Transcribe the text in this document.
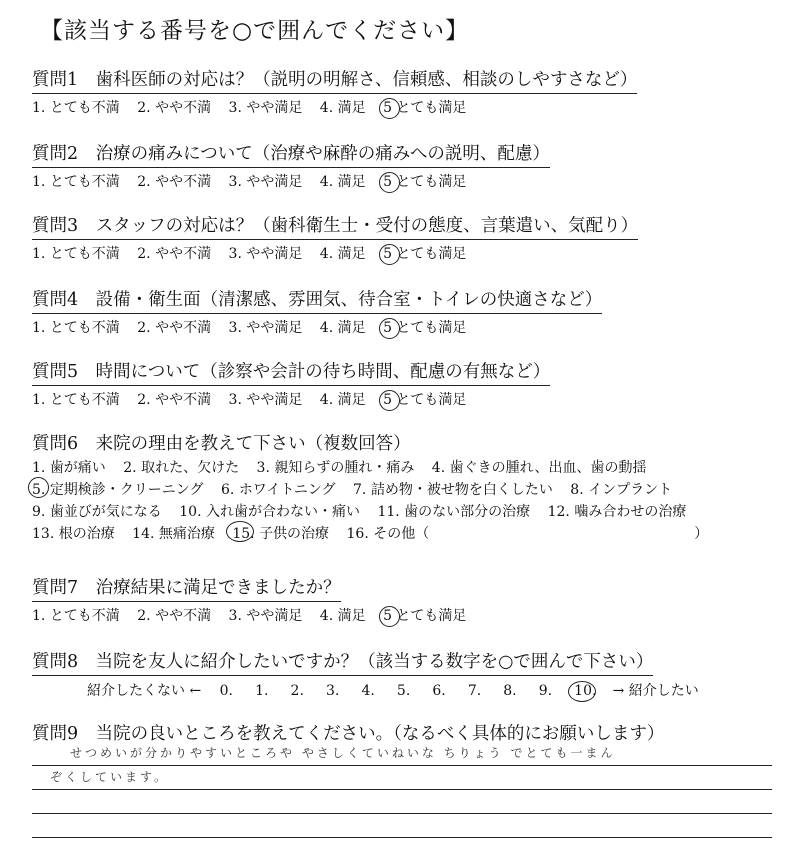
【該当する番号を○で囲んでください】
質問1　歯科医師の対応は？（説明の明解さ、信頼感、相談のしやすさなど）
1. とても不満 2. やや不満 3. やや満足 4. 満足 5 とても満足
質問2　治療の痛みについて（治療や麻酔の痛みへの説明、配慮）
1. とても不満 2. やや不満 3. やや満足 4. 満足 5 とても満足
質問3　スタッフの対応は？（歯科衛生士・受付の態度、言葉遣い、気配り）
1. とても不満 2. やや不満 3. やや満足 4. 満足 5 とても満足
質問4　設備・衛生面（清潔感、雰囲気、待合室・トイレの快適さなど）
1. とても不満 2. やや不満 3. やや満足 4. 満足 5 とても満足
質問5　時間について（診察や会計の待ち時間、配慮の有無など）
1. とても不満 2. やや不満 3. やや満足 4. 満足 5 とても満足
質問6　来院の理由を教えて下さい（複数回答）
1. 歯が痛い 2. 取れた、欠けた 3. 親知らずの腫れ・痛み 4. 歯ぐきの腫れ、出血、歯の動揺
5. 定期検診・クリーニング 6. ホワイトニング 7. 詰め物・被せ物を白くしたい 8. インプラント
9. 歯並びが気になる 10. 入れ歯が合わない・痛い 11. 歯のない部分の治療 12. 噛み合わせの治療
13. 根の治療 14. 無痛治療 15. 子供の治療 16. その他（	）
質問7　治療結果に満足できましたか？
1. とても不満 2. やや不満 3. やや満足 4. 満足 5 とても満足
質問8　当院を友人に紹介したいですか？（該当する数字を○で囲んで下さい）
紹介したくない ← 0. 1. 2. 3. 4. 5. 6. 7. 8. 9. 10. → 紹介したい
質問9　当院の良いところを教えてください。（なるべく具体的にお願いします）
せつめいが分かりやすいところや やさしくていねいな ちりょう でとても一まん
ぞくしています。
